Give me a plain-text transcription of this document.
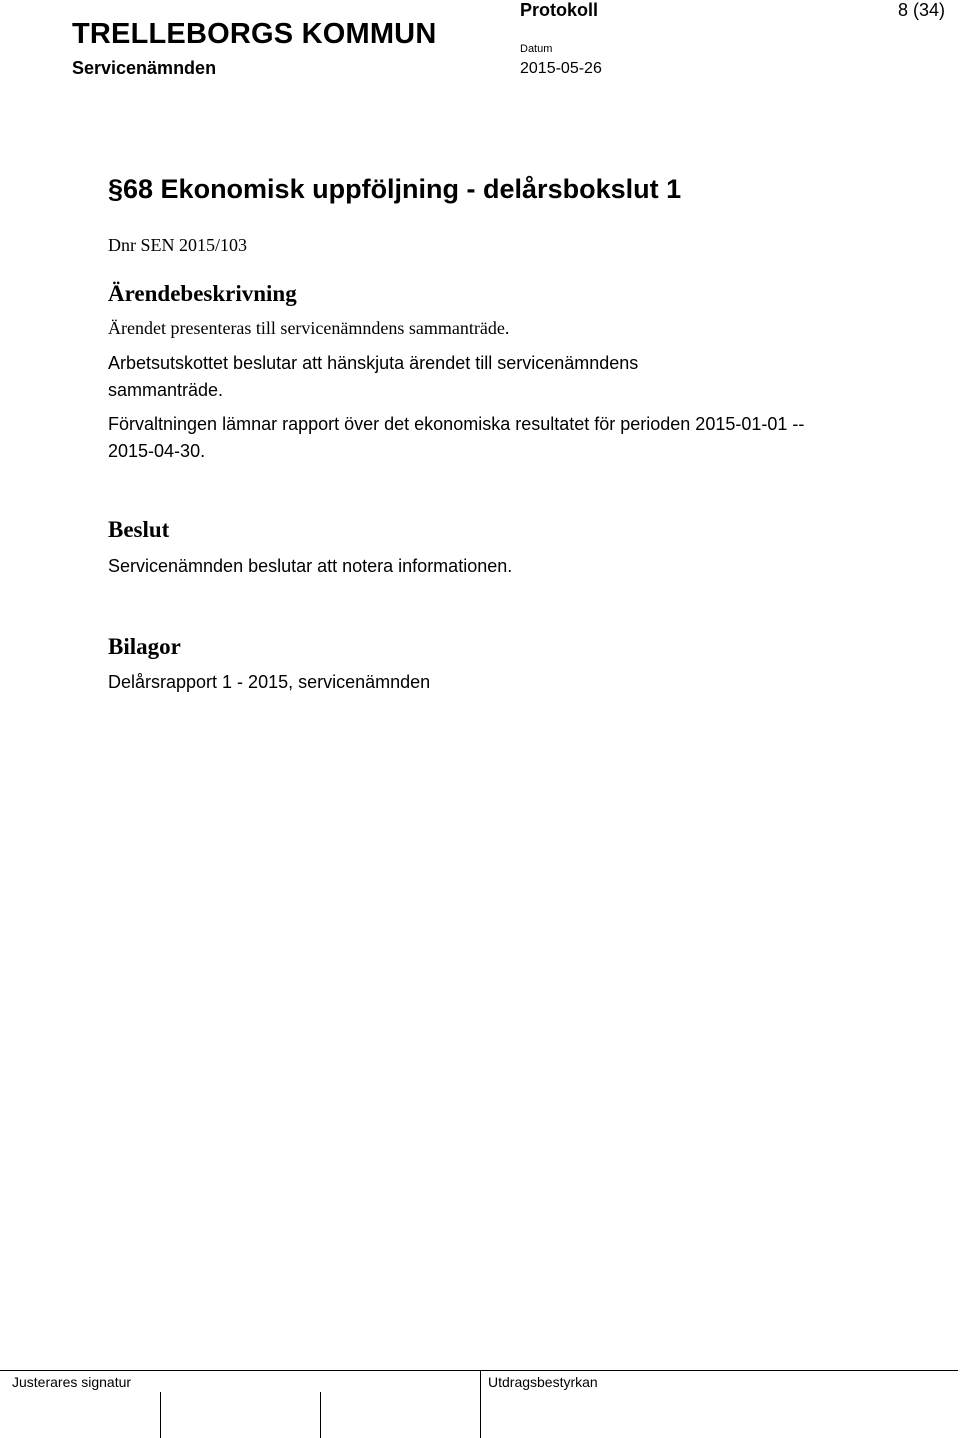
TRELLEBORGS KOMMUN
Servicenämnden
Protokoll	8 (34)
Datum
2015-05-26
§68 Ekonomisk uppföljning - delårsbokslut 1
Dnr SEN 2015/103
Ärendebeskrivning
Ärendet presenteras till servicenämndens sammanträde.
Arbetsutskottet beslutar att hänskjuta ärendet till servicenämndens sammanträde.
Förvaltningen lämnar rapport över det ekonomiska resultatet för perioden 2015-01-01 -- 2015-04-30.
Beslut
Servicenämnden beslutar att notera informationen.
Bilagor
Delårsrapport 1 - 2015, servicenämnden
Justerares signatur	Utdragsbestyrkan
